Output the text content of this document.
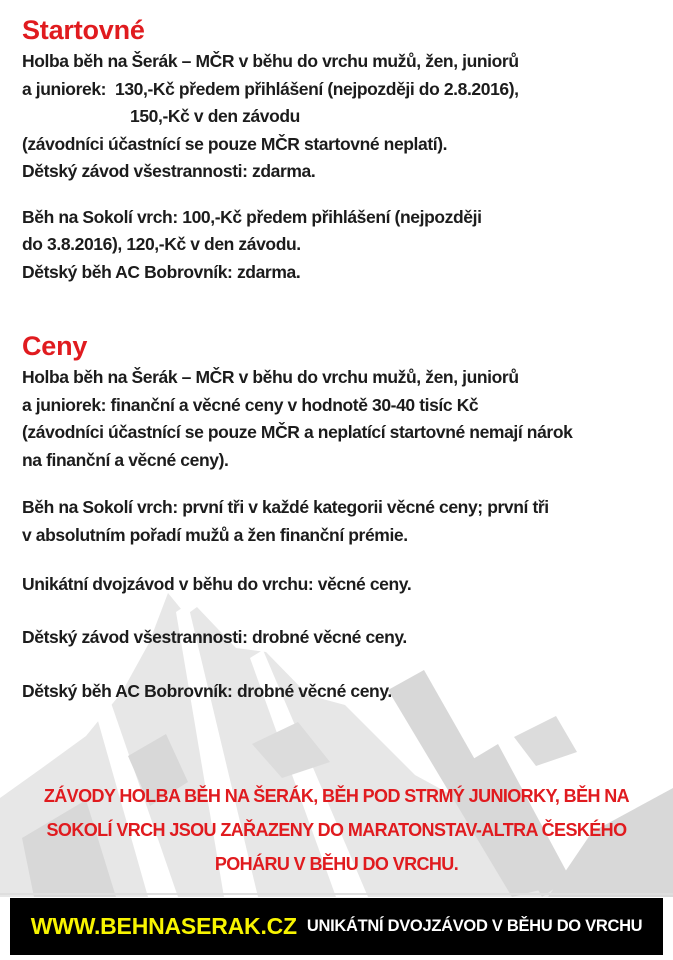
Startovné
Holba běh na Šerák – MČR v běhu do vrchu mužů, žen, juniorů
a juniorek:  130,-Kč předem přihlášení (nejpozději do 2.8.2016),
150,-Kč v den závodu
(závodníci účastnící se pouze MČR startovné neplatí).
Dětský závod všestrannosti: zdarma.
Běh na Sokolí vrch: 100,-Kč předem přihlášení (nejpozději
do 3.8.2016), 120,-Kč v den závodu.
Dětský běh AC Bobrovník: zdarma.
Ceny
Holba běh na Šerák – MČR v běhu do vrchu mužů, žen, juniorů
a juniorek: finanční a věcné ceny v hodnotě 30-40 tisíc Kč
(závodníci účastnící se pouze MČR a neplatící startovné nemají nárok
na finanční a věcné ceny).
Běh na Sokolí vrch: první tři v každé kategorii věcné ceny; první tři
v absolutním pořadí mužů a žen finanční prémie.
Unikátní dvojzávod v běhu do vrchu: věcné ceny.
Dětský závod všestrannosti: drobné věcné ceny.
Dětský běh AC Bobrovník: drobné věcné ceny.
ZÁVODY HOLBA BĚH NA ŠERÁK, BĚH POD STRMÝ JUNIORKY, BĚH NA
SOKOLÍ VRCH JSOU ZAŘAZENY DO MARATONSTAV-ALTRA ČESKÉHO
POHÁRU V BĚHU DO VRCHU.
WWW.BEHNASERAK.CZ UNIKÁTNÍ DVOJZÁVOD V BĚHU DO VRCHU
